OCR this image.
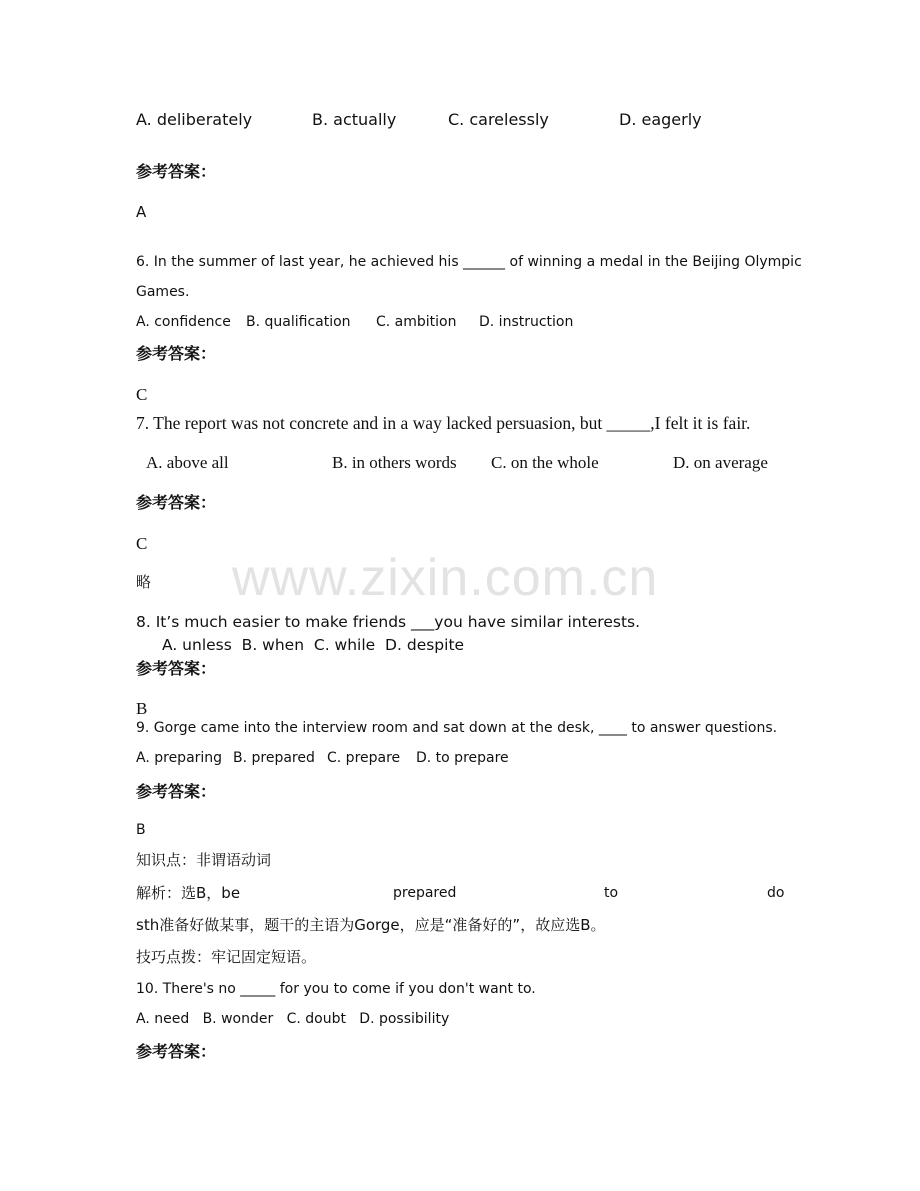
www.zixin.com.cn
A. deliberately	B. actually	C. carelessly	D. eagerly
参考答案：
A
6. In the summer of last year, he achieved his ______ of winning a medal in the Beijing Olympic
Games.
A. confidence B. qualification C. ambition D. instruction
参考答案：
C
7. The report was not concrete and in a way lacked persuasion, but _____,I felt it is fair.
A. above all	B. in others words C. on the whole	D. on average
参考答案：
C
略
8. It’s much easier to make friends ___you have similar interests.
A. unless  B. when  C. while  D. despite
参考答案：
B
9. Gorge came into the interview room and sat down at the desk, ____ to answer questions.
A. preparing B. prepared C. prepare D. to prepare
参考答案：
B
知识点：非谓语动词
解析：选B，be	prepared	to	do
sth准备好做某事，题干的主语为Gorge，应是“准备好的”，故应选B。
技巧点拨：牢记固定短语。
10. There's no _____ for you to come if you don't want to.
A. need   B. wonder   C. doubt   D. possibility
参考答案：
